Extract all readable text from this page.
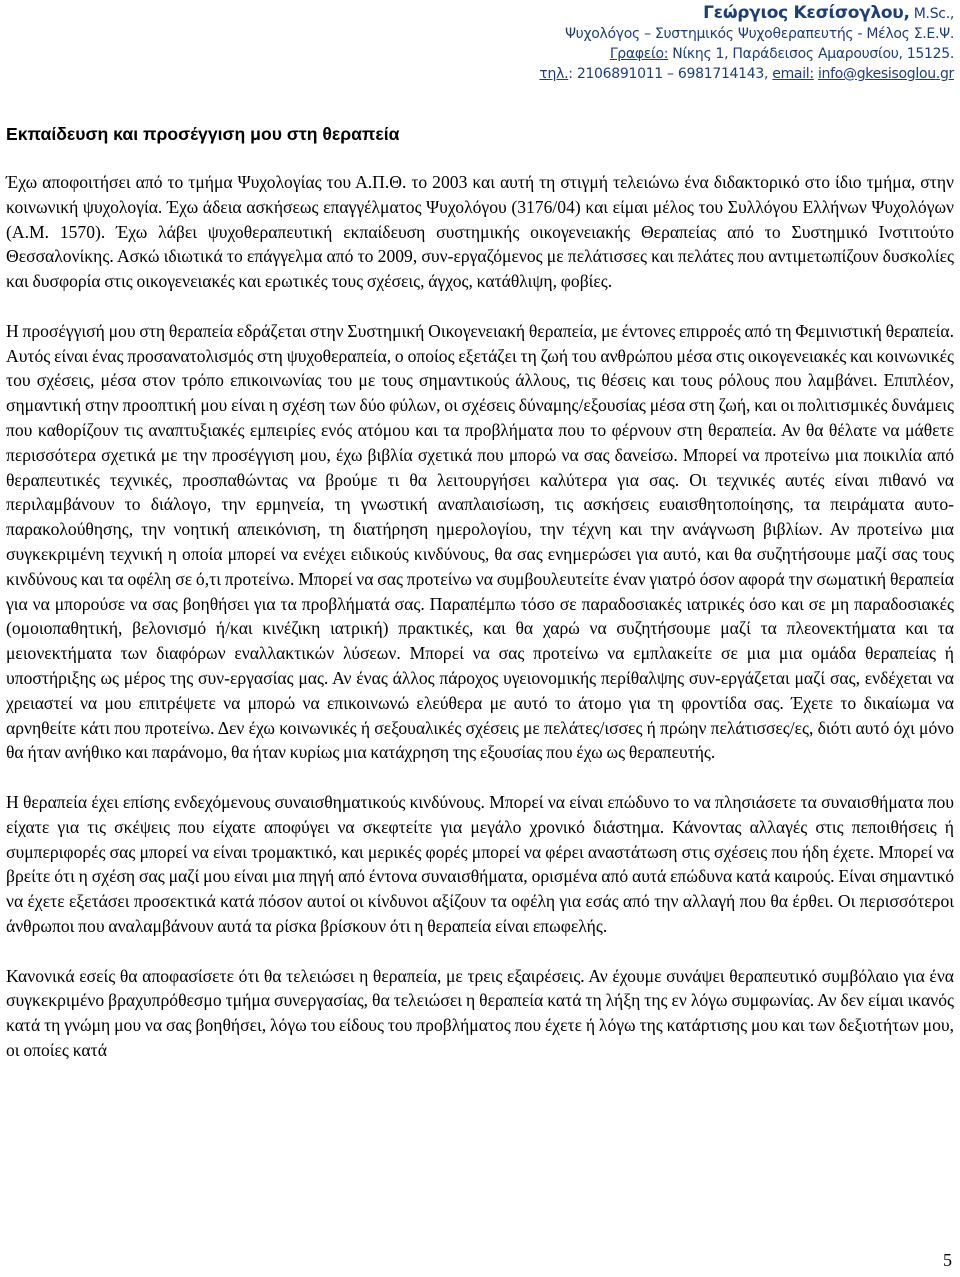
Γεώργιος Κεσίσογλου, M.Sc.,
Ψυχολόγος – Συστημικός Ψυχοθεραπευτής - Μέλος Σ.Ε.Ψ.
Γραφείο: Νίκης 1, Παράδεισος Αμαρουσίου, 15125.
τηλ.: 2106891011 – 6981714143, email: info@gkesisoglou.gr
Εκπαίδευση και προσέγγιση μου στη θεραπεία

Έχω αποφοιτήσει από το τμήμα Ψυχολογίας του Α.Π.Θ. το 2003 και αυτή τη στιγμή τελειώνω ένα διδακτορικό στο ίδιο τμήμα, στην κοινωνική ψυχολογία. Έχω άδεια ασκήσεως επαγγέλματος Ψυχολόγου (3176/04) και είμαι μέλος του Συλλόγου Ελλήνων Ψυχολόγων (Α.Μ. 1570). Έχω λάβει ψυχοθεραπευτική εκπαίδευση συστημικής οικογενειακής Θεραπείας από το Συστημικό Ινστιτούτο Θεσσαλονίκης. Ασκώ ιδιωτικά το επάγγελμα από το 2009, συν-εργαζόμενος με πελάτισσες και πελάτες που αντιμετωπίζουν δυσκολίες και δυσφορία στις οικογενειακές και ερωτικές τους σχέσεις, άγχος, κατάθλιψη, φοβίες.

Η προσέγγισή μου στη θεραπεία εδράζεται στην Συστημική Οικογενειακή θεραπεία, με έντονες επιρροές από τη Φεμινιστική θεραπεία. Αυτός είναι ένας προσανατολισμός στη ψυχοθεραπεία, ο οποίος εξετάζει τη ζωή του ανθρώπου μέσα στις οικογενειακές και κοινωνικές του σχέσεις, μέσα στον τρόπο επικοινωνίας του με τους σημαντικούς άλλους, τις θέσεις και τους ρόλους που λαμβάνει. Επιπλέον, σημαντική στην προοπτική μου είναι η σχέση των δύο φύλων, οι σχέσεις δύναμης/εξουσίας μέσα στη ζωή, και οι πολιτισμικές δυνάμεις που καθορίζουν τις αναπτυξιακές εμπειρίες ενός ατόμου και τα προβλήματα που το φέρνουν στη θεραπεία. Αν θα θέλατε να μάθετε περισσότερα σχετικά με την προσέγγιση μου, έχω βιβλία σχετικά που μπορώ να σας δανείσω. Μπορεί να προτείνω μια ποικιλία από θεραπευτικές τεχνικές, προσπαθώντας να βρούμε τι θα λειτουργήσει καλύτερα για σας. Οι τεχνικές αυτές είναι πιθανό να περιλαμβάνουν το διάλογο, την ερμηνεία, τη γνωστική αναπλαισίωση, τις ασκήσεις ευαισθητοποίησης, τα πειράματα αυτο-παρακολούθησης, την νοητική απεικόνιση, τη διατήρηση ημερολογίου, την τέχνη και την ανάγνωση βιβλίων. Αν προτείνω μια συγκεκριμένη τεχνική η οποία μπορεί να ενέχει ειδικούς κινδύνους, θα σας ενημερώσει για αυτό, και θα συζητήσουμε μαζί σας τους κινδύνους και τα οφέλη σε ό,τι προτείνω. Μπορεί να σας προτείνω να συμβουλευτείτε έναν γιατρό όσον αφορά την σωματική θεραπεία για να μπορούσε να σας βοηθήσει για τα προβλήματά σας. Παραπέμπω τόσο σε παραδοσιακές ιατρικές όσο και σε μη παραδοσιακές (ομοιοπαθητική, βελονισμό ή/και κινέζικη ιατρική) πρακτικές, και θα χαρώ να συζητήσουμε μαζί τα πλεονεκτήματα και τα μειονεκτήματα των διαφόρων εναλλακτικών λύσεων. Μπορεί να σας προτείνω να εμπλακείτε σε μια μια ομάδα θεραπείας ή υποστήριξης ως μέρος της συν-εργασίας μας. Αν ένας άλλος πάροχος υγειονομικής περίθαλψης συν-εργάζεται μαζί σας, ενδέχεται να χρειαστεί να μου επιτρέψετε να μπορώ να επικοινωνώ ελεύθερα με αυτό το άτομο για τη φροντίδα σας. Έχετε το δικαίωμα να αρνηθείτε κάτι που προτείνω. Δεν έχω κοινωνικές ή σεξουαλικές σχέσεις με πελάτες/ισσες ή πρώην πελάτισσες/ες, διότι αυτό όχι μόνο θα ήταν ανήθικο και παράνομο, θα ήταν κυρίως μια κατάχρηση της εξουσίας που έχω ως θεραπευτής.

Η θεραπεία έχει επίσης ενδεχόμενους συναισθηματικούς κινδύνους. Μπορεί να είναι επώδυνο το να πλησιάσετε τα συναισθήματα που είχατε για τις σκέψεις που είχατε αποφύγει να σκεφτείτε για μεγάλο χρονικό διάστημα. Κάνοντας αλλαγές στις πεποιθήσεις ή συμπεριφορές σας μπορεί να είναι τρομακτικό, και μερικές φορές μπορεί να φέρει αναστάτωση στις σχέσεις που ήδη έχετε. Μπορεί να βρείτε ότι η σχέση σας μαζί μου είναι μια πηγή από έντονα συναισθήματα, ορισμένα από αυτά επώδυνα κατά καιρούς. Είναι σημαντικό να έχετε εξετάσει προσεκτικά κατά πόσον αυτοί οι κίνδυνοι αξίζουν τα οφέλη για εσάς από την αλλαγή που θα έρθει. Οι περισσότεροι άνθρωποι που αναλαμβάνουν αυτά τα ρίσκα βρίσκουν ότι η θεραπεία είναι επωφελής.

Κανονικά εσείς θα αποφασίσετε ότι θα τελειώσει η θεραπεία, με τρεις εξαιρέσεις. Αν έχουμε συνάψει θεραπευτικό συμβόλαιο για ένα συγκεκριμένο βραχυπρόθεσμο τμήμα συνεργασίας, θα τελειώσει η θεραπεία κατά τη λήξη της εν λόγω συμφωνίας. Αν δεν είμαι ικανός κατά τη γνώμη μου να σας βοηθήσει, λόγω του είδους του προβλήματος που έχετε ή λόγω της κατάρτισης μου και των δεξιοτήτων μου, οι οποίες κατά

5
